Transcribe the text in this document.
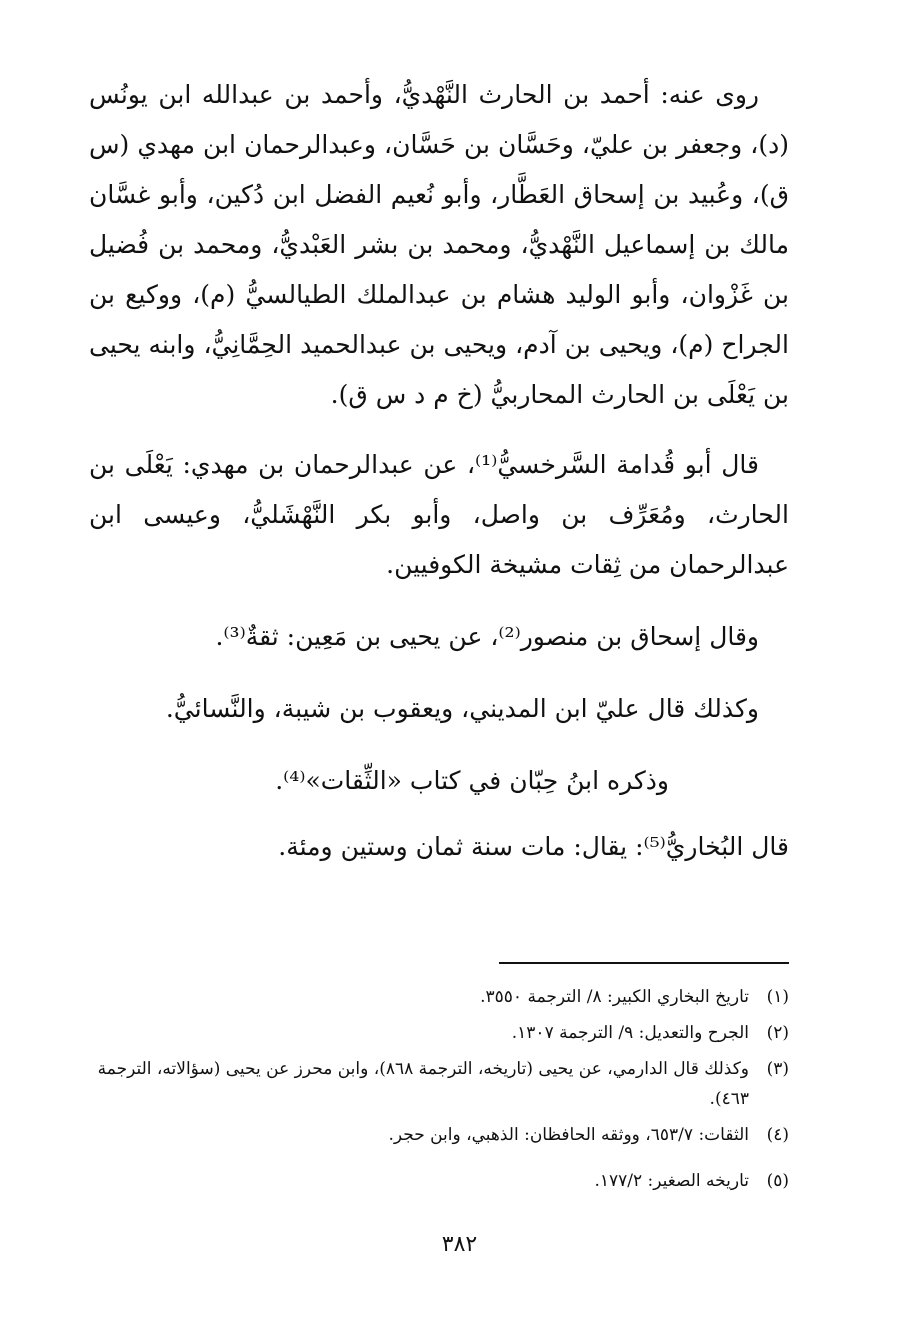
روى عنه: أحمد بن الحارث النَّهْديُّ، وأحمد بن عبدالله ابن يونُس (د)، وجعفر بن عليّ، وحَسَّان بن حَسَّان، وعبدالرحمان ابن مهدي (س ق)، وعُبيد بن إسحاق العَطَّار، وأبو نُعيم الفضل ابن دُكين، وأبو غسَّان مالك بن إسماعيل النَّهْديُّ، ومحمد بن بشر العَبْديُّ، ومحمد بن فُضيل بن غَزْوان، وأبو الوليد هشام بن عبدالملك الطيالسيُّ (م)، ووكيع بن الجراح (م)، ويحيى بن آدم، ويحيى بن عبدالحميد الحِمَّانِيُّ، وابنه يحيى بن يَعْلَى بن الحارث المحاربيُّ (خ م د س ق).

قال أبو قُدامة السَّرخسيُّ⁽¹⁾، عن عبدالرحمان بن مهدي: يَعْلَى بن الحارث، ومُعَرِّف بن واصل، وأبو بكر النَّهْشَليُّ، وعيسى ابن عبدالرحمان من ثِقات مشيخة الكوفيين.

وقال إسحاق بن منصور⁽²⁾، عن يحيى بن مَعِين: ثقةٌ⁽³⁾.

وكذلك قال عليّ ابن المديني، ويعقوب بن شيبة، والنَّسائيُّ.

وذكره ابنُ حِبّان في كتاب «الثِّقات»⁽⁴⁾.

قال البُخاريُّ⁽⁵⁾: يقال: مات سنة ثمان وستين ومئة.

(١)
تاريخ البخاري الكبير: ٨/ الترجمة ٣٥٥٠.
(٢)
الجرح والتعديل: ٩/ الترجمة ١٣٠٧.
(٣)
وكذلك قال الدارمي، عن يحيى (تاريخه، الترجمة ٨٦٨)، وابن محرز عن يحيى (سؤالاته، الترجمة ٤٦٣).
(٤)
الثقات: ٦٥٣/٧، ووثقه الحافظان: الذهبي، وابن حجر.
(٥)
تاريخه الصغير: ١٧٧/٢.
٣٨٢
